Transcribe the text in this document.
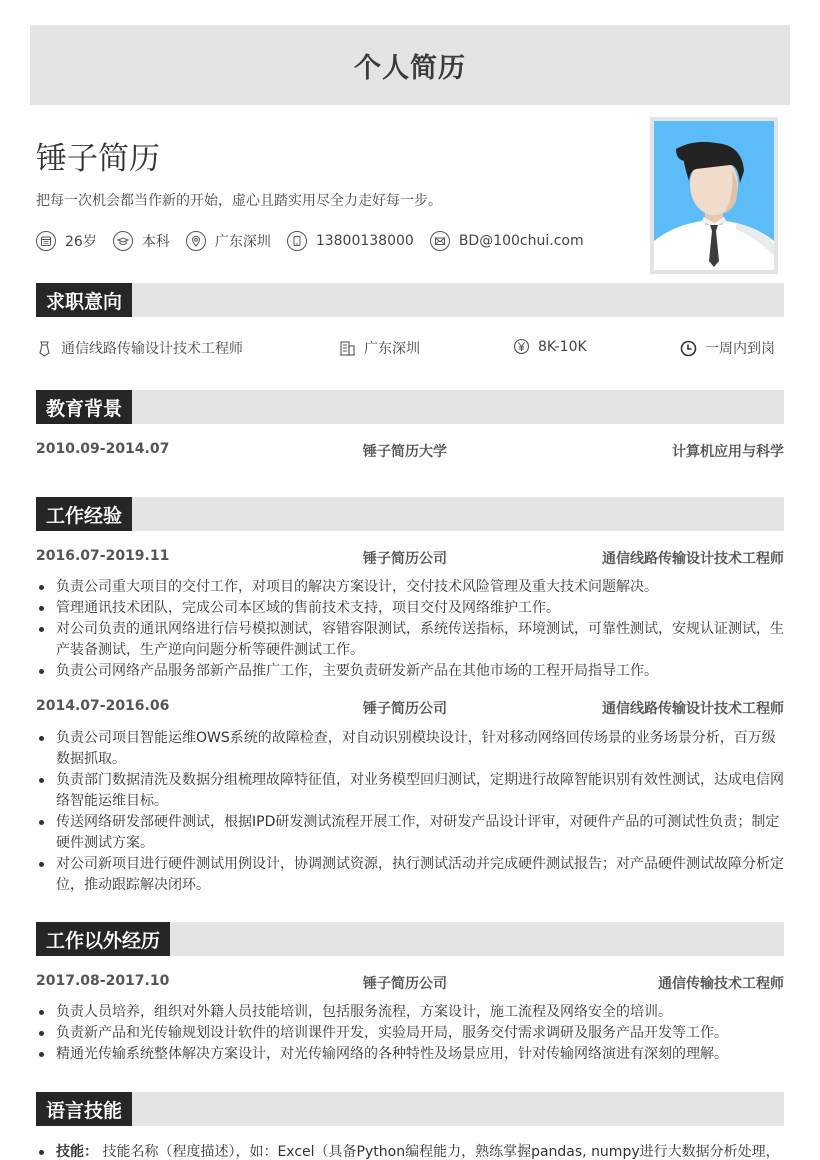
个人简历
锤子简历
把每一次机会都当作新的开始，虚心且踏实用尽全力走好每一步。
26岁	本科	广东深圳	13800138000	BD@100chui.com
求职意向
通信线路传输设计技术工程师	广东深圳	8K-10K	一周内到岗
教育背景
2010.09-2014.07	锤子简历大学	计算机应用与科学
工作经验
2016.07-2019.11	锤子简历公司	通信线路传输设计技术工程师
负责公司重大项目的交付工作，对项目的解决方案设计，交付技术风险管理及重大技术问题解决。
管理通讯技术团队，完成公司本区域的售前技术支持，项目交付及网络维护工作。
对公司负责的通讯网络进行信号模拟测试，容错容限测试，系统传送指标，环境测试，可靠性测试，安规认证测试，生产装备测试，生产逆向问题分析等硬件测试工作。
负责公司网络产品服务部新产品推广工作，主要负责研发新产品在其他市场的工程开局指导工作。
2014.07-2016.06	锤子简历公司	通信线路传输设计技术工程师
负责公司项目智能运维OWS系统的故障检查，对自动识别模块设计，针对移动网络回传场景的业务场景分析，百万级数据抓取。
负责部门数据清洗及数据分组梳理故障特征值，对业务模型回归测试，定期进行故障智能识别有效性测试，达成电信网络智能运维目标。
传送网络研发部硬件测试，根据IPD研发测试流程开展工作，对研发产品设计评审，对硬件产品的可测试性负责；制定硬件测试方案。
对公司新项目进行硬件测试用例设计，协调测试资源，执行测试活动并完成硬件测试报告；对产品硬件测试故障分析定位，推动跟踪解决闭环。
工作以外经历
2017.08-2017.10	锤子简历公司	通信传输技术工程师
负责人员培养，组织对外籍人员技能培训，包括服务流程，方案设计，施工流程及网络安全的培训。
负责新产品和光传输规划设计软件的培训课件开发，实验局开局，服务交付需求调研及服务产品开发等工作。
精通光传输系统整体解决方案设计，对光传输网络的各种特性及场景应用，针对传输网络演进有深刻的理解。
语言技能
技能： 技能名称（程度描述），如：Excel（具备Python编程能力，熟练掌握pandas, numpy进行大数据分析处理，
